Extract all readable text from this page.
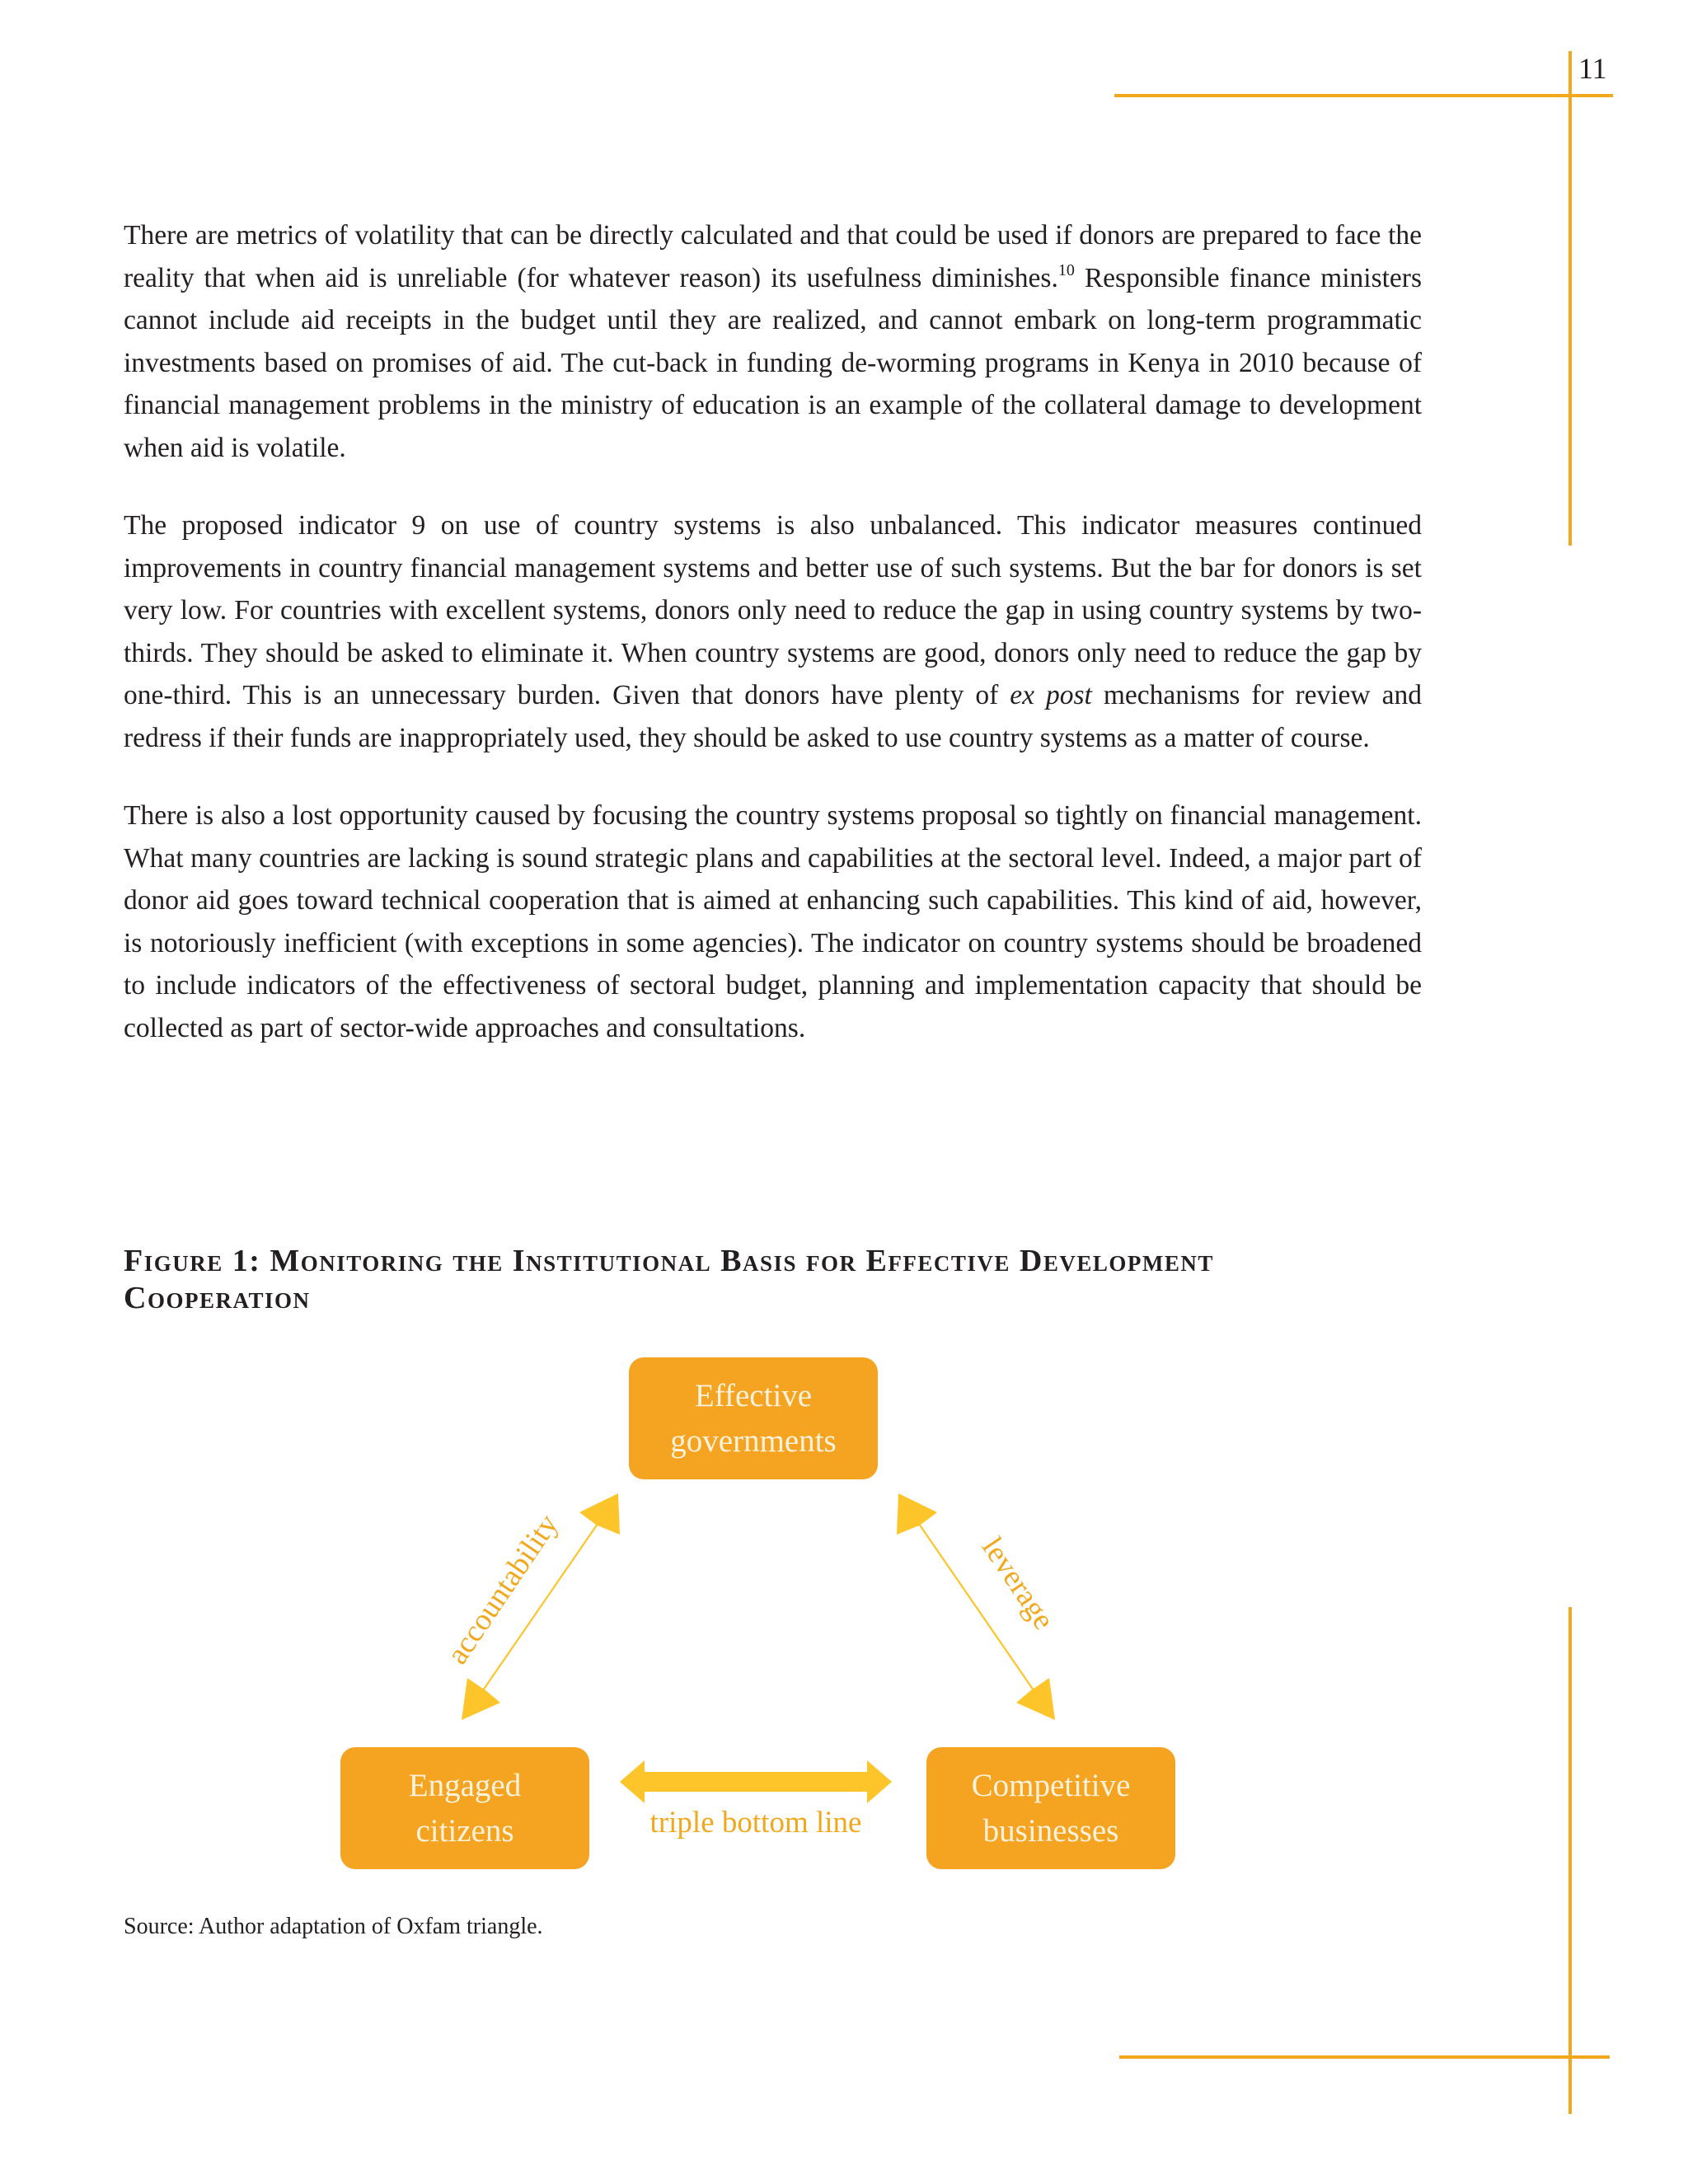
11

There are metrics of volatility that can be directly calculated and that could be used if donors are prepared to face the reality that when aid is unreliable (for whatever reason) its usefulness diminishes.$^{10}$ Responsible finance ministers cannot include aid receipts in the budget until they are realized, and cannot embark on long-term programmatic investments based on promises of aid. The cut-back in funding de-worming programs in Kenya in 2010 because of financial management problems in the ministry of education is an example of the collateral damage to development when aid is volatile.

The proposed indicator 9 on use of country systems is also unbalanced. This indicator measures continued improvements in country financial management systems and better use of such systems. But the bar for donors is set very low. For countries with excellent systems, donors only need to reduce the gap in using country systems by two-thirds. They should be asked to eliminate it. When country systems are good, donors only need to reduce the gap by one-third. This is an unnecessary burden. Given that donors have plenty of ex post mechanisms for review and redress if their funds are inappropriately used, they should be asked to use country systems as a matter of course.

There is also a lost opportunity caused by focusing the country systems proposal so tightly on financial management. What many countries are lacking is sound strategic plans and capabilities at the sectoral level. Indeed, a major part of donor aid goes toward technical cooperation that is aimed at enhancing such capabilities. This kind of aid, however, is notoriously inefficient (with exceptions in some agencies). The indicator on country systems should be broadened to include indicators of the effectiveness of sectoral budget, planning and implementation capacity that should be collected as part of sector-wide approaches and consultations.

Figure 1: Monitoring the Institutional Basis for Effective Development
Cooperation
Effective
governments
Engaged
citizens
Competitive
businesses
accountability	leverage
triple bottom line
Source: Author adaptation of Oxfam triangle.
